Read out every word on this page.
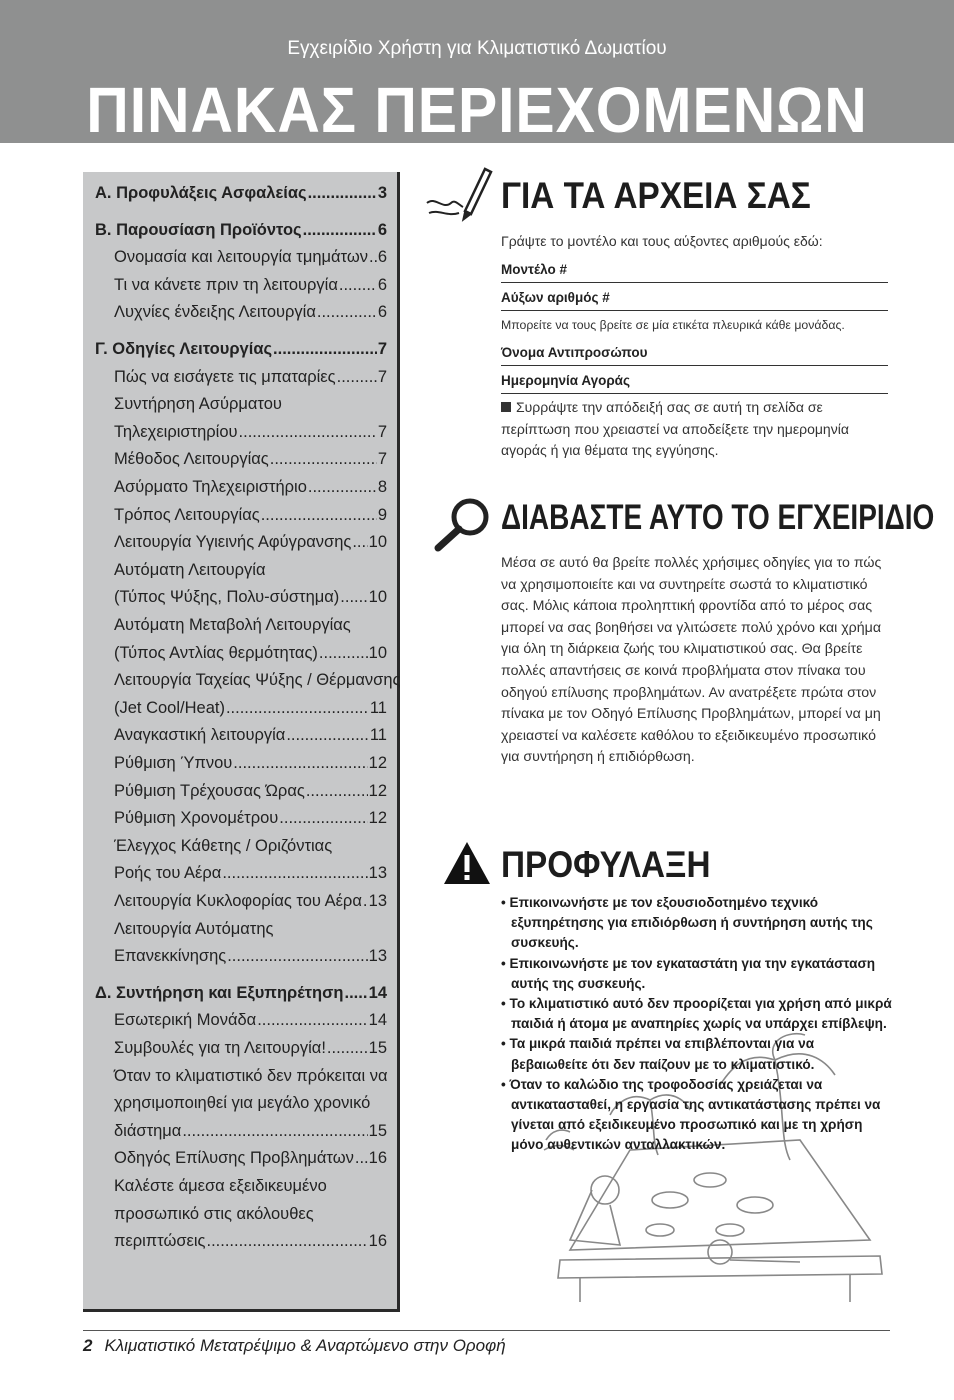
Εγχειρίδιο Χρήστη για Κλιματιστικό Δωματίου
ΠΙΝΑΚΑΣ ΠΕΡΙΕΧΟΜΕΝΩΝ
Α. Προφυλάξεις Ασφαλείας .....	3
Β. Παρουσίαση Προϊόντος .....	6
Ονομασία και λειτουργία τμημάτων ..... 6
Τι να κάνετε πριν τη λειτουργία ..... 6
Λυχνίες ένδειξης Λειτουργία .....	6
Γ. Οδηγίες Λειτουργίας .....	7
Πώς να εισάγετε τις μπαταρίες .....	7
Συντήρηση Ασύρματου
Τηλεχειριστηρίου .....	7
Μέθοδος Λειτουργίας .....	7
Ασύρματο Τηλεχειριστήριο .....	8
Τρόπος Λειτουργίας .....	9
Λειτουργία Υγιεινής Αφύγρανσης ..... 10
Αυτόματη Λειτουργία
(Τύπος Ψύξης, Πολυ-σύστημα) ..... 10
Αυτόματη Μεταβολή Λειτουργίας
(Τύπος Αντλίας θερμότητας) .....	10
Λειτουργία Ταχείας Ψύξης / Θέρμανσης
(Jet Cool/Heat) .....	11
Αναγκαστική λειτουργία .....	11
Ρύθμιση Ύπνου .....	12
Ρύθμιση Τρέχουσας Ώρας .....	12
Ρύθμιση Χρονομέτρου .....	12
Έλεγχος Κάθετης / Οριζόντιας
Ροής του Αέρα .....	13
Λειτουργία Κυκλοφορίας του Αέρα ..... 13
Λειτουργία Αυτόματης
Επανεκκίνησης .....	13
Δ. Συντήρηση και Εξυπηρέτηση ..... 14
Εσωτερική Μονάδα .....	14
Συμβουλές για τη Λειτουργία! .....	15
Όταν το κλιματιστικό δεν πρόκειται να
χρησιμοποιηθεί για μεγάλο χρονικό
διάστημα .....	15
Οδηγός Επίλυσης Προβλημάτων ..... 16
Καλέστε άμεσα εξειδικευμένο
προσωπικό στις ακόλουθες
περιπτώσεις .....	16
ΓΙΑ ΤΑ ΑΡΧΕΙΑ ΣΑΣ
Γράψτε το μοντέλο και τους αύξοντες αριθμούς εδώ:
Μοντέλο #
Αύξων αριθμός #
Μπορείτε να τους βρείτε σε μία ετικέτα πλευρικά κάθε μονάδας.
Όνομα Αντιπροσώπου
Ημερομηνία Αγοράς
Συρράψτε την απόδειξή σας σε αυτή τη σελίδα σε περίπτωση που χρειαστεί να αποδείξετε την ημερομηνία αγοράς ή για θέματα της εγγύησης.
ΔΙΑΒΑΣΤΕ ΑΥΤΟ ΤΟ ΕΓΧΕΙΡΙΔΙΟ
Μέσα σε αυτό θα βρείτε πολλές χρήσιμες οδηγίες για το πώς να χρησιμοποιείτε και να συντηρείτε σωστά το κλιματιστικό σας. Μόλις κάποια προληπτική φροντίδα από το μέρος σας μπορεί να σας βοηθήσει να γλιτώσετε πολύ χρόνο και χρήμα για όλη τη διάρκεια ζωής του κλιματιστικού σας. Θα βρείτε πολλές απαντήσεις σε κοινά προβλήματα στον πίνακα του οδηγού επίλυσης προβλημάτων. Αν ανατρέξετε πρώτα στον πίνακα με τον Οδηγό Επίλυσης Προβλημάτων, μπορεί να μη χρειαστεί να καλέσετε καθόλου το εξειδικευμένο προσωπικό για συντήρηση ή επιδιόρθωση.
ΠΡΟΦΥΛΑΞΗ
• Επικοινωνήστε με τον εξουσιοδοτημένο τεχνικό εξυπηρέτησης για επιδιόρθωση ή συντήρηση αυτής της συσκευής.
• Επικοινωνήστε με τον εγκαταστάτη για την εγκατάσταση αυτής της συσκευής.
• Το κλιματιστικό αυτό δεν προορίζεται για χρήση από μικρά παιδιά ή άτομα με αναπηρίες χωρίς να υπάρχει επίβλεψη.
• Τα μικρά παιδιά πρέπει να επιβλέπονται για να βεβαιωθείτε ότι δεν παίζουν με το κλιματιστικό.
• Όταν το καλώδιο της τροφοδοσίας χρειάζεται να αντικατασταθεί, η εργασία της αντικατάστασης πρέπει να γίνεται από εξειδικευμένο προσωπικό και με τη χρήση μόνο αυθεντικών ανταλλακτικών.
2 Κλιματιστικό Μετατρέψιμο & Αναρτώμενο στην Οροφή
